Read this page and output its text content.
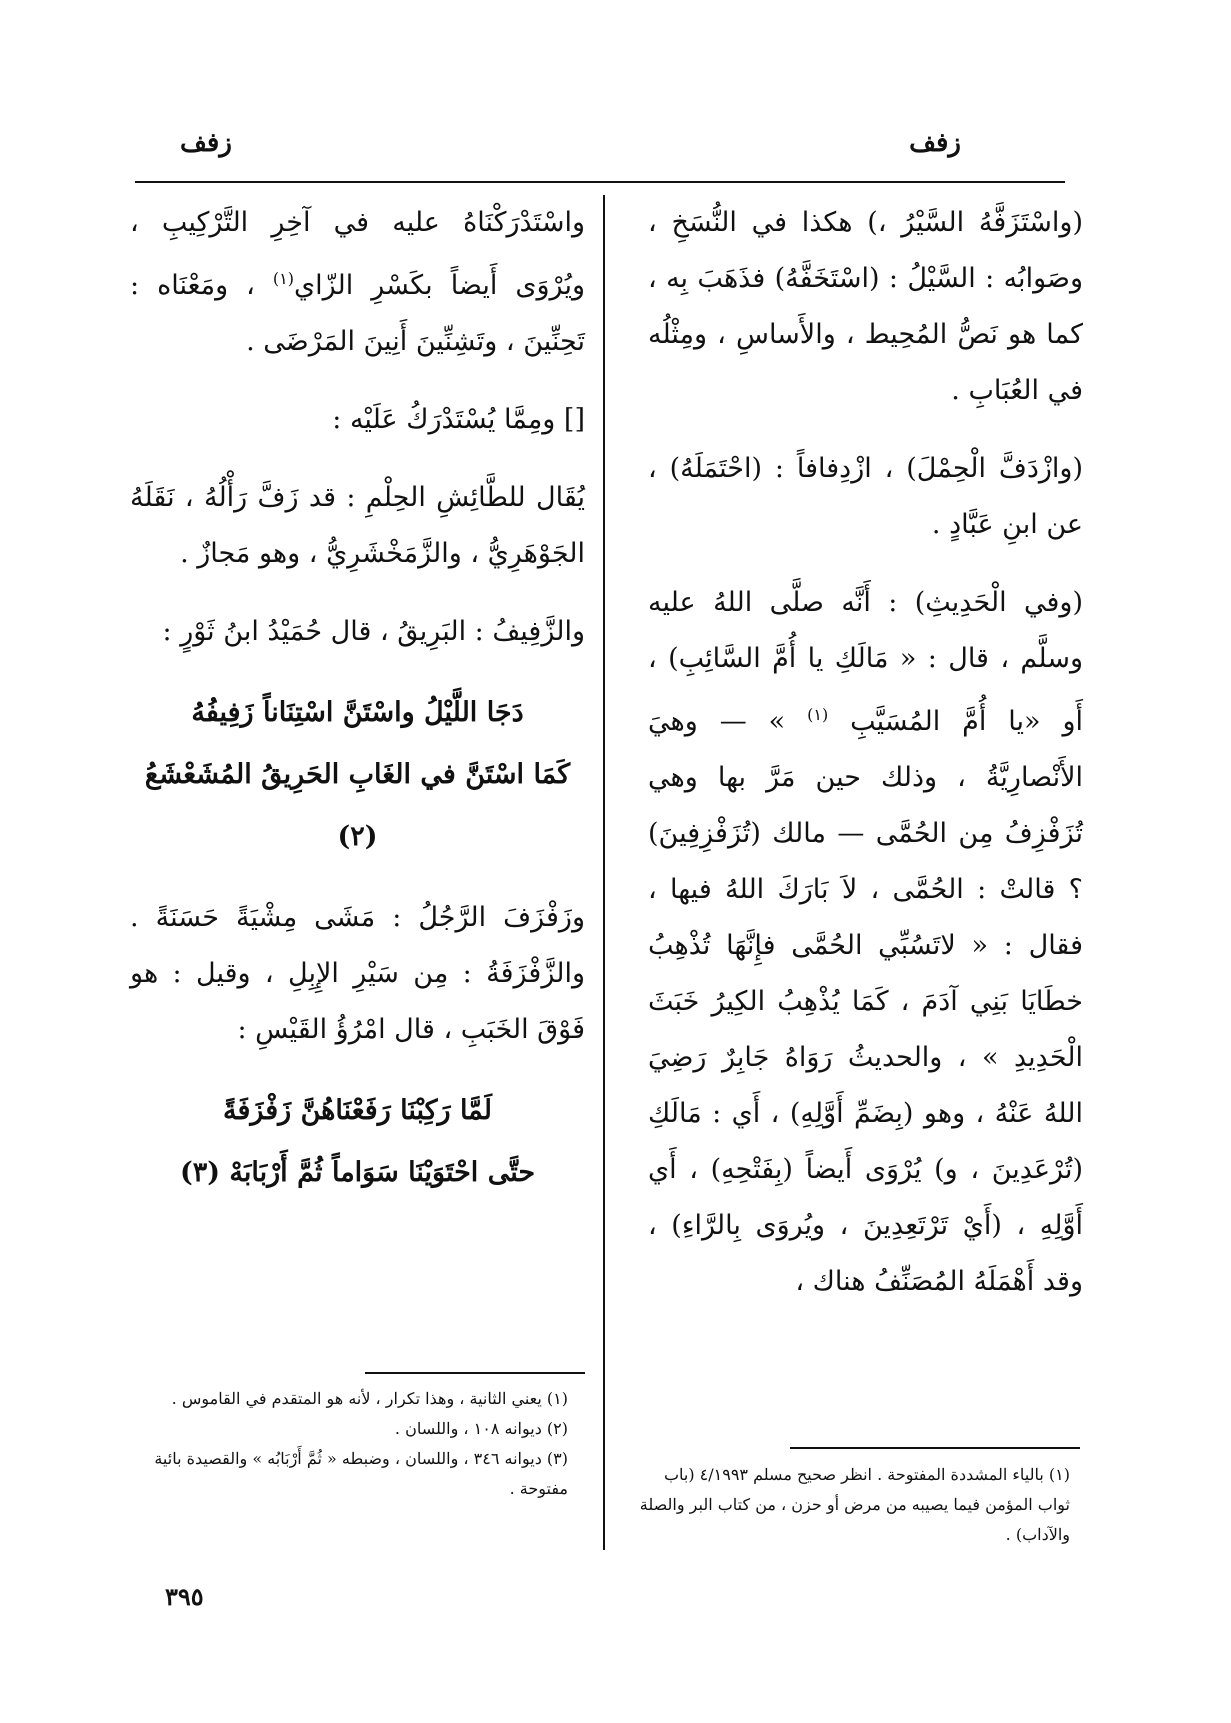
زفف
زفف

(واسْتَزَفَّهُ السَّيْرُ ،) هكذا في النُّسَخِ ، وصَوابُه : السَّيْلُ : (اسْتَخَفَّهُ) فذَهَبَ بِه ، كما هو نَصُّ المُحِيط ، والأَساسِ ، ومِثْلُه في العُبَابِ .

(وازْدَفَّ الْحِمْلَ) ، ازْدِفافاً : (احْتَمَلَهُ) ، عن ابنِ عَبَّادٍ .

(وفي الْحَدِيثِ) : أَنَّه صلَّى اللهُ عليه وسلَّم ، قال : « مَالَكِ يا أُمَّ السَّائِبِ) ، أَو «يا أُمَّ المُسَيَّبِ $^{(١)}$ » — وهيَ الأَنْصارِيَّةُ ، وذلك حين مَرَّ بها وهي تُزَفْزِفُ مِن الحُمَّى — مالك (تُزَفْزِفِينَ) ؟ قالتْ : الحُمَّى ، لاَ بَارَكَ اللهُ فيها ، فقال : « لاتَسُبِّي الحُمَّى فإِنَّهَا تُذْهِبُ خطَايَا بَنِي آدَمَ ، كَمَا يُذْهِبُ الكِيرُ خَبَثَ الْحَدِيدِ » ، والحديثُ رَوَاهُ جَابِرٌ رَضِيَ اللهُ عَنْهُ ، وهو (بِضَمِّ أَوَّلِهِ) ، أَي : مَالَكِ (تُرْعَدِينَ ، و) يُرْوَى أَيضاً (بِفَتْحِهِ) ، أَي أَوَّلِهِ ، (أَيْ تَرْتَعِدِينَ ، ويُروَى بِالرَّاءِ) ، وقد أَهْمَلَهُ المُصَنِّفُ هناك ،

واسْتَدْرَكْنَاهُ عليه في آخِرِ التَّرْكِيبِ ، ويُرْوَى أَيضاً بكَسْرِ الزّاي$^{(١)}$ ، ومَعْنَاه : تَحِنِّينَ ، وتَشِنِّينَ أَنِينَ المَرْضَى .

[] ومِمَّا يُسْتَدْرَكُ عَلَيْه :

يُقَال للطَّائِشِ الحِلْمِ : قد زَفَّ رَأْلُهُ ، نَقَلَهُ الجَوْهَرِيُّ ، والزَّمَخْشَرِيُّ ، وهو مَجازٌ .

والزَّفِيفُ : البَرِيقُ ، قال حُمَيْدُ ابنُ ثَوْرٍ :

دَجَا اللَّيْلُ واسْتَنَّ اسْتِنَاناً زَفِيفُهُ
كَمَا اسْتَنَّ في الغَابِ الحَرِيقُ المُشَعْشَعُ (٢)

وزَفْزَفَ الرَّجُلُ : مَشَى مِشْيَةً حَسَنَةً . والزَّفْزَفَةُ : مِن سَيْرِ الإِبِلِ ، وقيل : هو فَوْقَ الخَبَبِ ، قال امْرُؤُ القَيْسِ :

لَمَّا رَكِبْنَا رَفَعْنَاهُنَّ زَفْزَفَةً
حتَّى احْتَوَيْنَا سَوَاماً ثُمَّ أَرْبَابَهْ (٣)

(١) يعني الثانية ، وهذا تكرار ، لأنه هو المتقدم في القاموس .

(٢) ديوانه ١٠٨ ، واللسان .

(٣) ديوانه ٣٤٦ ، واللسان ، وضبطه « ثُمَّ أَرْبَابُه » والقصيدة بائية مفتوحة .

(١) بالياء المشددة المفتوحة . انظر صحيح مسلم ٤/١٩٩٣ (باب ثواب المؤمن فيما يصيبه من مرض أو حزن ، من كتاب البر والصلة والآداب) .

٣٩٥
